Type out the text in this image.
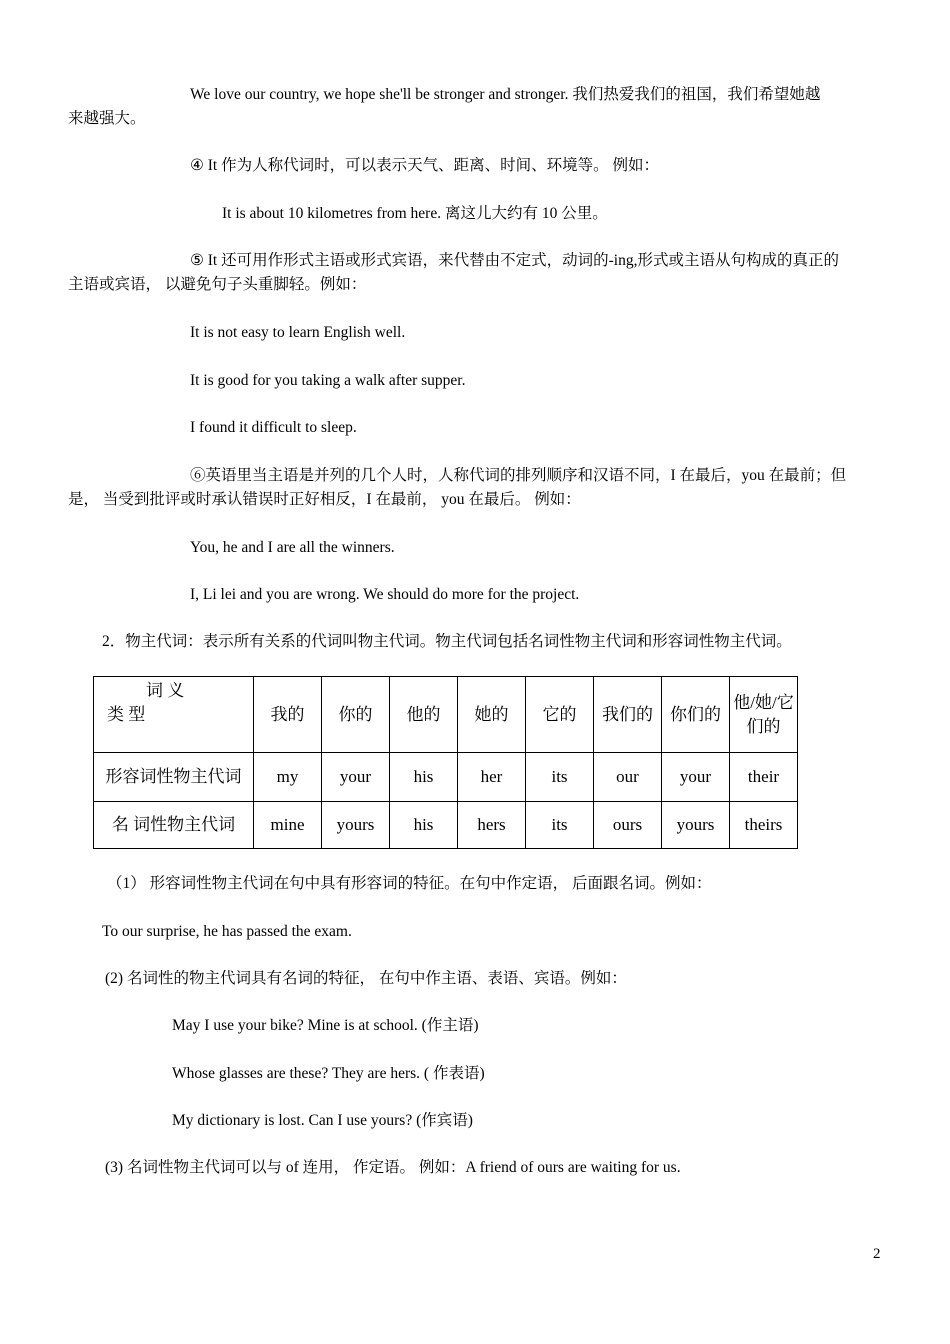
We love our country, we hope she'll be stronger and stronger. 我们热爱我们的祖国，我们希望她越
来越强大。
④ It 作为人称代词时，可以表示天气、距离、时间、环境等。 例如：
It is about 10 kilometres from here. 离这儿大约有 10 公里。
⑤ It 还可用作形式主语或形式宾语，来代替由不定式，动词的-ing,形式或主语从句构成的真正的
主语或宾语， 以避免句子头重脚轻。例如：
It is not easy to learn English well.
It is good for you taking a walk after supper.
I found it difficult to sleep.
⑥英语里当主语是并列的几个人时，人称代词的排列顺序和汉语不同，I 在最后，you 在最前；但
是， 当受到批评或时承认错误时正好相反，I 在最前， you 在最后。 例如：
You, he and I are all the winners.
I, Li lei and you are wrong. We should do more for the project.
2．物主代词：表示所有关系的代词叫物主代词。物主代词包括名词性物主代词和形容词性物主代词。
词 义
类 型	我的	你的	他的	她的	它的	我们的	你们的	他/她/它们的
形容词性物主代词	my	your	his	her	its	our	your	their
名 词性物主代词	mine	yours	his	hers	its	ours	yours	theirs
（1） 形容词性物主代词在句中具有形容词的特征。在句中作定语， 后面跟名词。例如：
To our surprise, he has passed the exam.
(2) 名词性的物主代词具有名词的特征， 在句中作主语、表语、宾语。例如：
May I use your bike? Mine is at school. (作主语)
Whose glasses are these? They are hers. ( 作表语)
My dictionary is lost. Can I use yours? (作宾语)
(3) 名词性物主代词可以与 of 连用， 作定语。 例如：A friend of ours are waiting for us.
2
